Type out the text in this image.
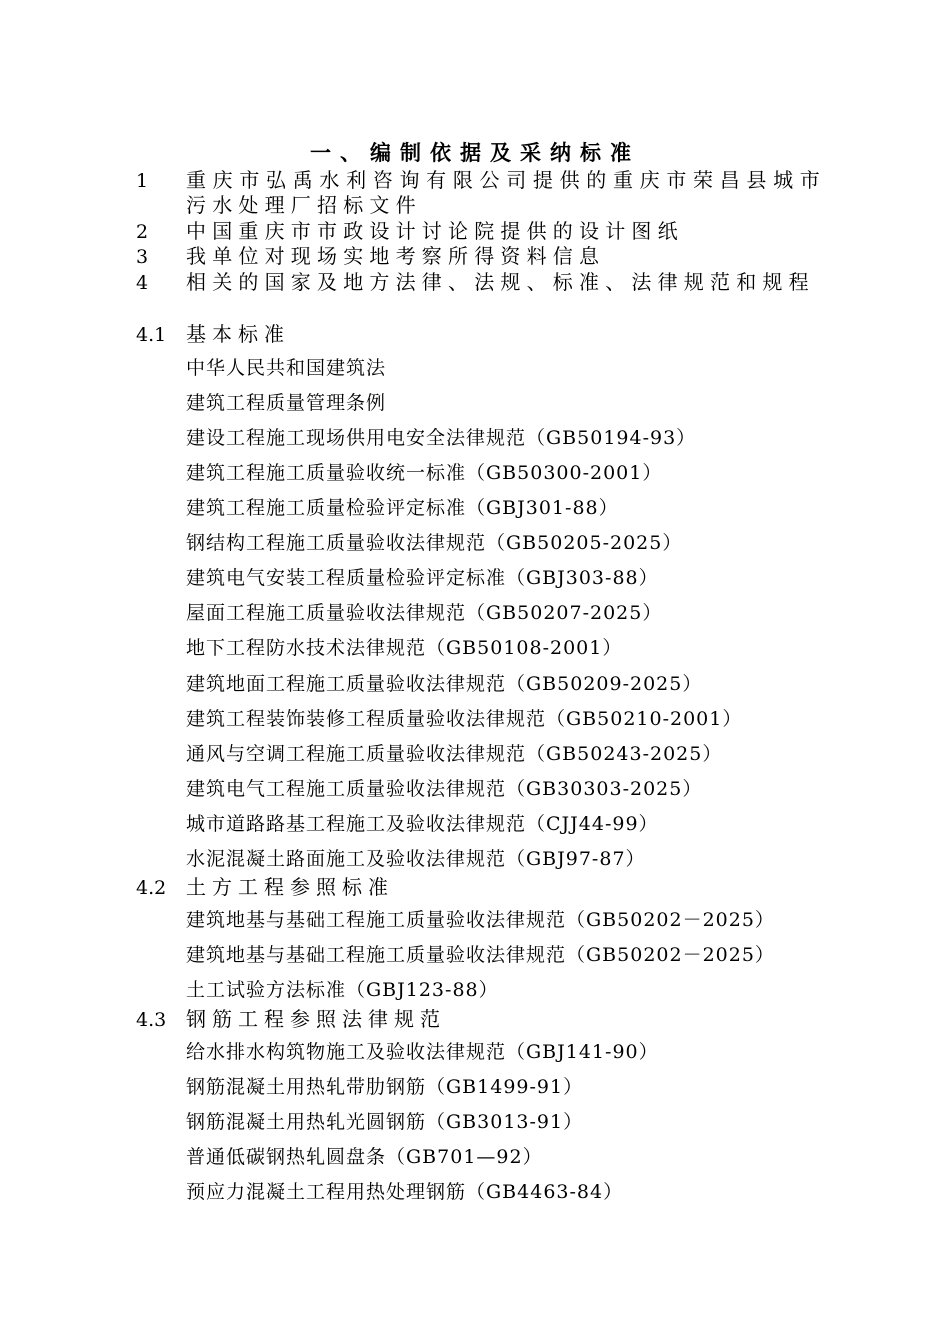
一、编制依据及采纳标准
1 重庆市弘禹水利咨询有限公司提供的重庆市荣昌县城市污水处理厂招标文件
2 中国重庆市市政设计讨论院提供的设计图纸
3 我单位对现场实地考察所得资料信息
4 相关的国家及地方法律、法规、标准、法律规范和规程
4.1 基本标准
中华人民共和国建筑法
建筑工程质量管理条例
建设工程施工现场供用电安全法律规范（GB50194-93）
建筑工程施工质量验收统一标准（GB50300-2001）
建筑工程施工质量检验评定标准（GBJ301-88）
钢结构工程施工质量验收法律规范（GB50205-2025）
建筑电气安装工程质量检验评定标准（GBJ303-88）
屋面工程施工质量验收法律规范（GB50207-2025）
地下工程防水技术法律规范（GB50108-2001）
建筑地面工程施工质量验收法律规范（GB50209-2025）
建筑工程装饰装修工程质量验收法律规范（GB50210-2001）
通风与空调工程施工质量验收法律规范（GB50243-2025）
建筑电气工程施工质量验收法律规范（GB30303-2025）
城市道路路基工程施工及验收法律规范（CJJ44-99）
水泥混凝土路面施工及验收法律规范（GBJ97-87）
4.2 土方工程参照标准
建筑地基与基础工程施工质量验收法律规范（GB50202－2025）
建筑地基与基础工程施工质量验收法律规范（GB50202－2025）
土工试验方法标准（GBJ123-88）
4.3 钢筋工程参照法律规范
给水排水构筑物施工及验收法律规范（GBJ141-90）
钢筋混凝土用热轧带肋钢筋（GB1499-91）
钢筋混凝土用热轧光圆钢筋（GB3013-91）
普通低碳钢热轧圆盘条（GB701—92）
预应力混凝土工程用热处理钢筋（GB4463-84）
